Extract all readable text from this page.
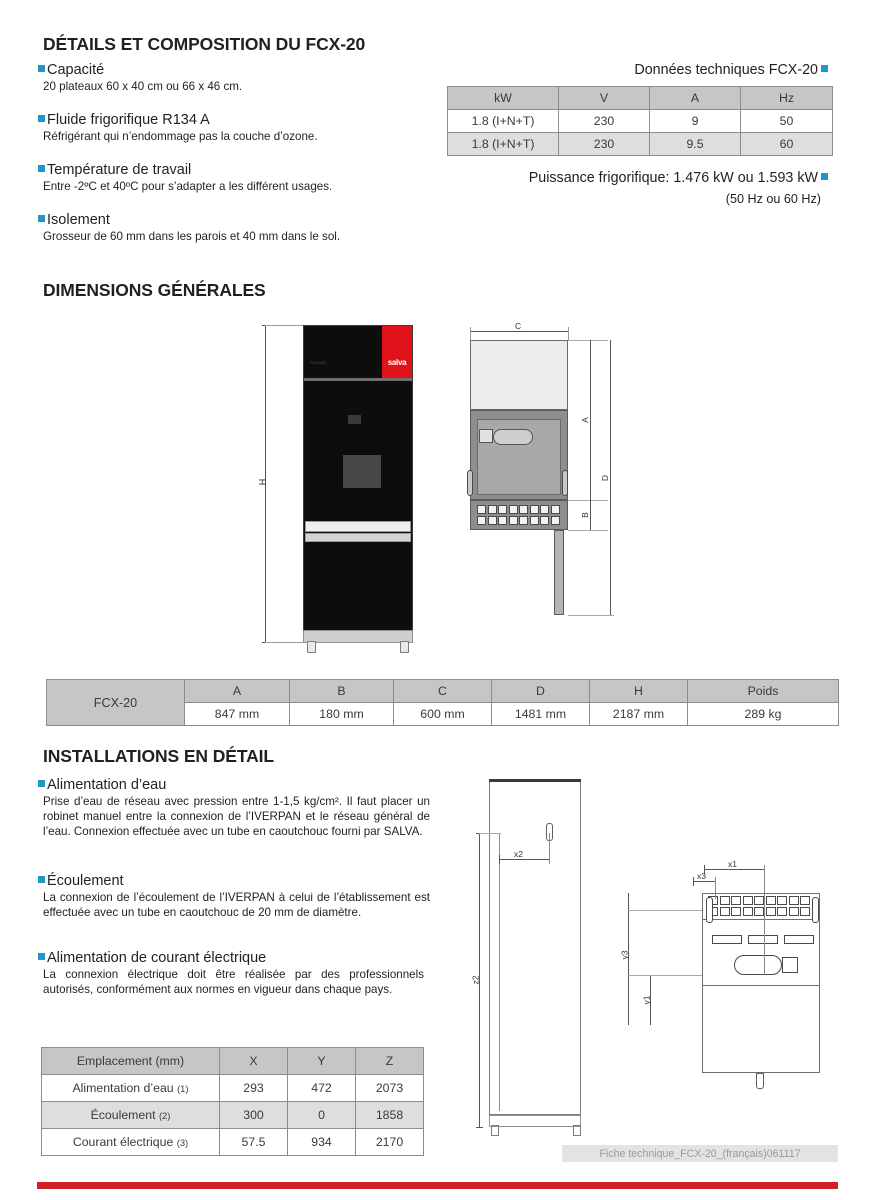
DÉTAILS ET COMPOSITION DU FCX-20
Capacité
20 plateaux 60 x 40 cm ou 66 x 46 cm.
Fluide frigorifique R134 A
Réfrigérant qui n’endommage pas la couche d’ozone.
Température de travail
Entre -2ºC et 40ºC pour s’adapter a les différent usages.
Isolement
Grosseur de 60 mm dans les parois et 40 mm dans le sol.
Données techniques FCX-20
kW	V	A	Hz
1.8 (I+N+T)	230	9	50
1.8 (I+N+T)	230	9.5	60
Puissance frigorifique: 1.476 kW ou 1.593 kW
(50 Hz ou 60 Hz)
DIMENSIONS GÉNÉRALES
H
salva
iverpan
C
A
B
D
FCX-20	A	B	C	D	H	Poids
	847 mm	180 mm	600 mm	1481 mm	2187 mm	289 kg
INSTALLATIONS EN DÉTAIL
Alimentation d’eau
Prise d’eau de réseau avec pression entre 1-1,5 kg/cm². Il faut placer un robinet manuel entre la connexion de l’IVERPAN et le réseau général de l’eau. Connexion effectuée avec un tube en caoutchouc fourni par SALVA.
Écoulement
La connexion de l’écoulement de l’IVERPAN à celui de l’établissement est effectuée avec un tube en caoutchouc de 20 mm de diamètre.
Alimentation de courant électrique
La connexion électrique doit être réalisée par des professionnels autorisés, conformément aux normes en vigueur dans chaque pays.
Emplacement (mm)	X	Y	Z
Alimentation d’eau (1)	293	472	2073
Écoulement (2)	300	0	1858
Courant électrique (3)	57.5	934	2170
x2
z2
x1
x3
y3
y1
Fiche technique_FCX-20_(français)061117
